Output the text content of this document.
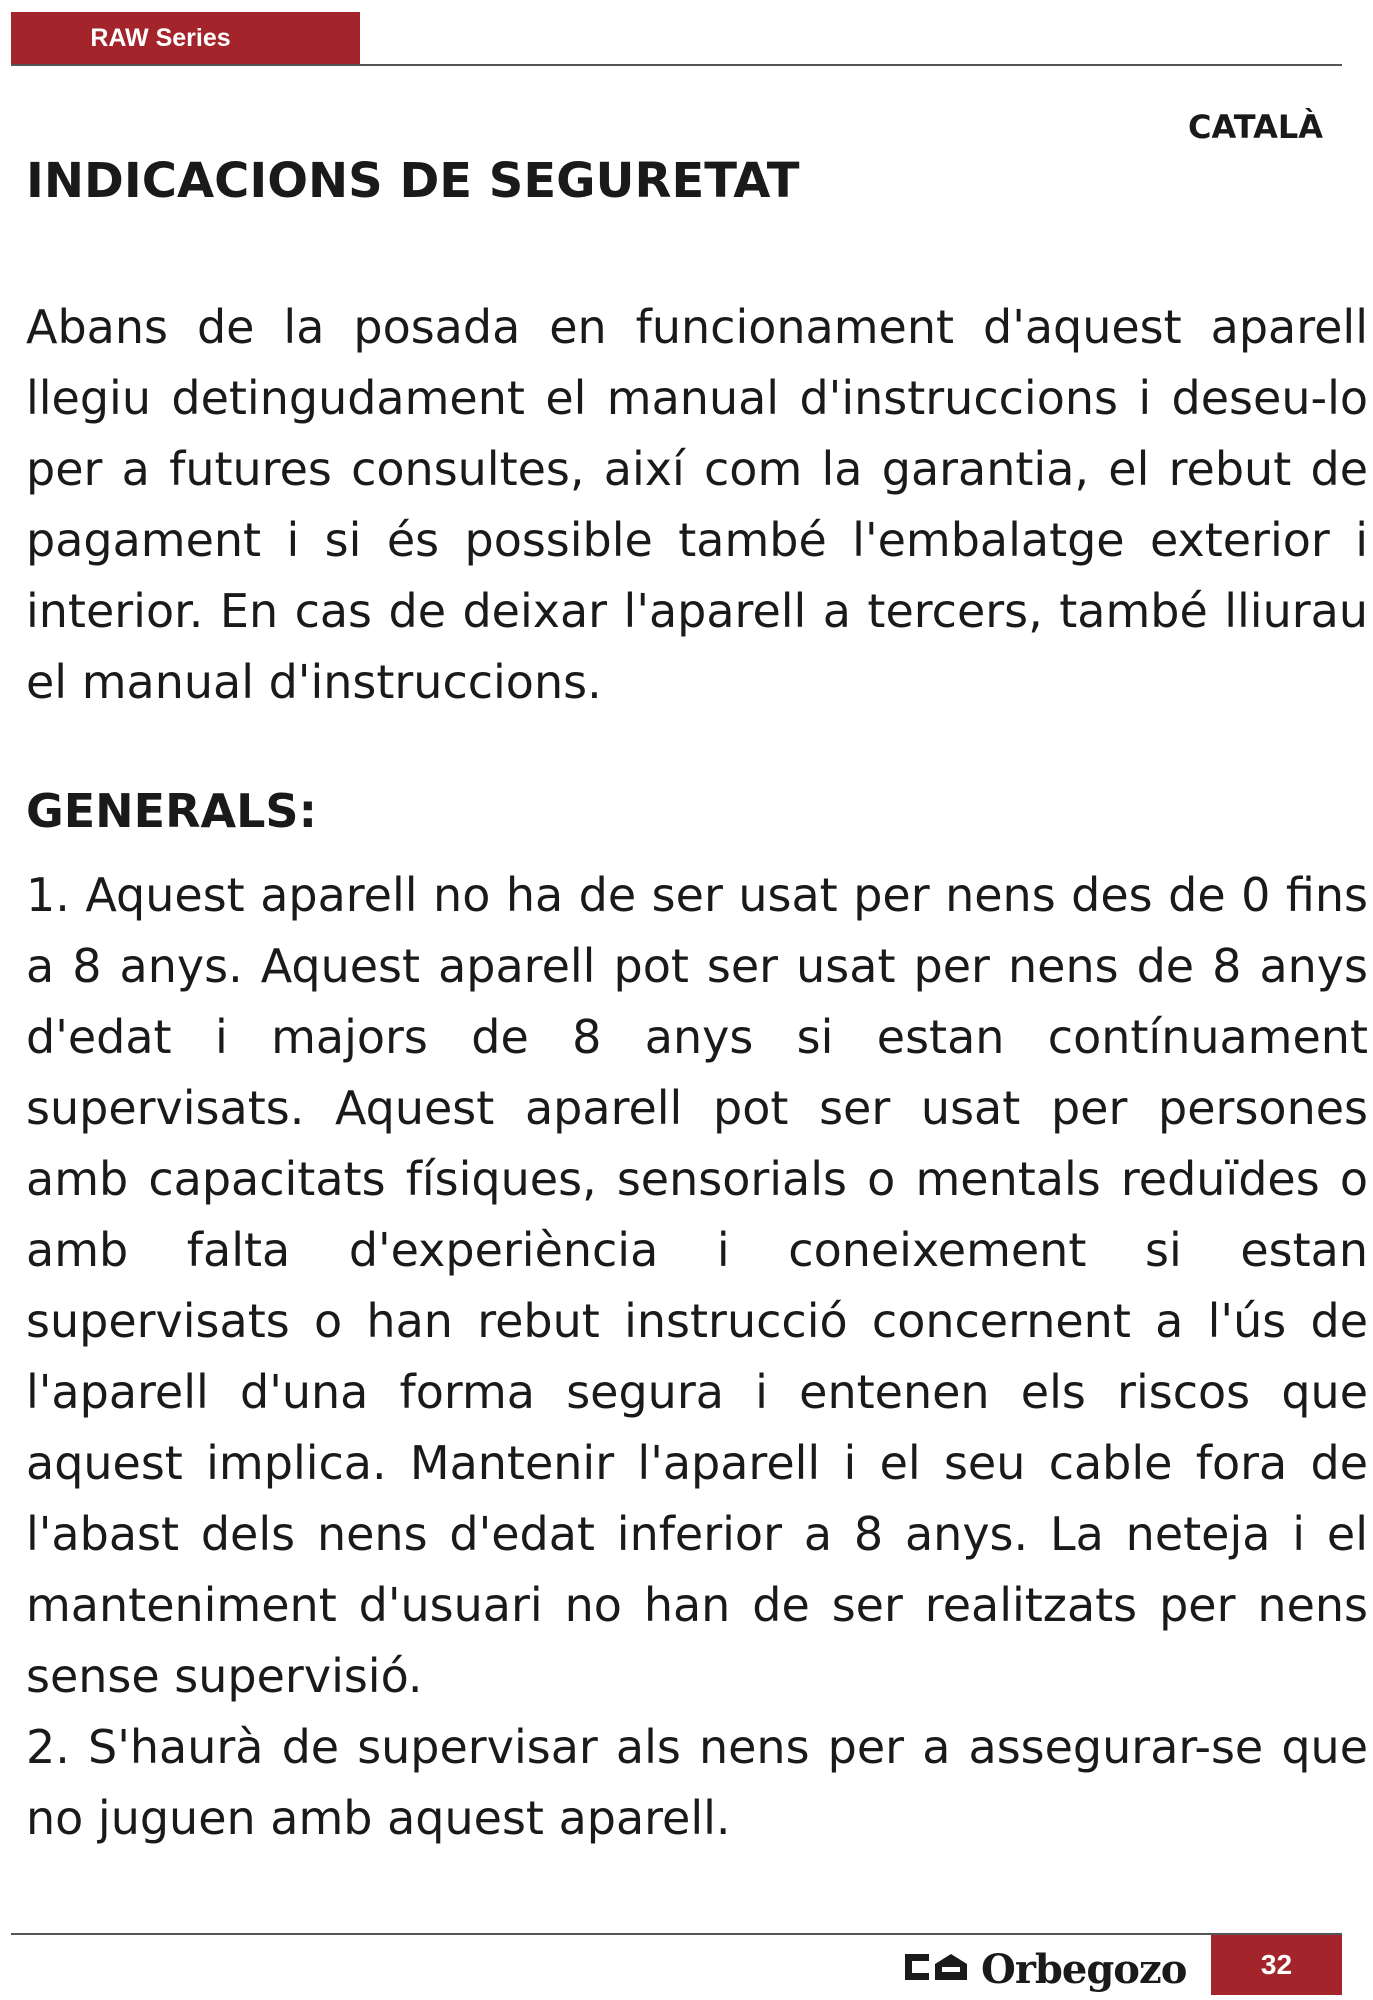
RAW Series
CATALÀ
INDICACIONS DE SEGURETAT

Abans de la posada en funcionament d'aquest aparell llegiu detingudament el manual d'instruccions i deseu-lo per a futures consultes, així com la garantia, el rebut de pagament i si és possible també l'embalatge exterior i interior. En cas de deixar l'aparell a tercers, també lliurau el manual d'instruccions.

GENERALS:

1. Aquest aparell no ha de ser usat per nens des de 0 fins a 8 anys. Aquest aparell pot ser usat per nens de 8 anys d'edat i majors de 8 anys si estan contínuament supervisats. Aquest aparell pot ser usat per persones amb capacitats físiques, sensorials o mentals reduïdes o amb falta d'experiència i coneixement si estan supervisats o han rebut instrucció concernent a l'ús de l'aparell d'una forma segura i entenen els riscos que aquest implica. Mantenir l'aparell i el seu cable fora de l'abast dels nens d'edat inferior a 8 anys. La neteja i el manteniment d'usuari no han de ser realitzats per nens sense supervisió.

2. S'haurà de supervisar als nens per a assegurar-se que no juguen amb aquest aparell.

Orbegozo	32
